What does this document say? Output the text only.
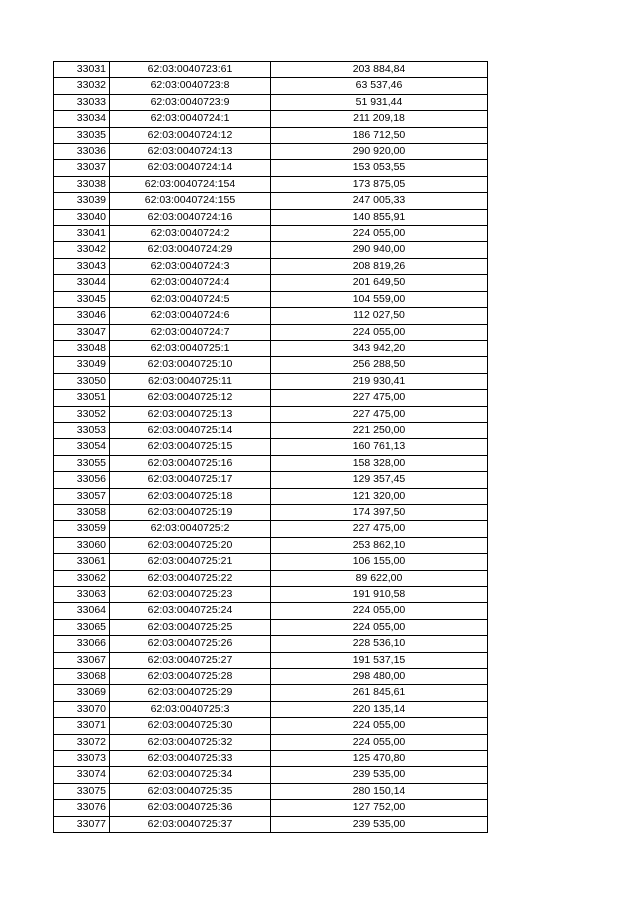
33031	62:03:0040723:61	203 884,84
33032	62:03:0040723:8	63 537,46
33033	62:03:0040723:9	51 931,44
33034	62:03:0040724:1	211 209,18
33035	62:03:0040724:12	186 712,50
33036	62:03:0040724:13	290 920,00
33037	62:03:0040724:14	153 053,55
33038	62:03:0040724:154	173 875,05
33039	62:03:0040724:155	247 005,33
33040	62:03:0040724:16	140 855,91
33041	62:03:0040724:2	224 055,00
33042	62:03:0040724:29	290 940,00
33043	62:03:0040724:3	208 819,26
33044	62:03:0040724:4	201 649,50
33045	62:03:0040724:5	104 559,00
33046	62:03:0040724:6	112 027,50
33047	62:03:0040724:7	224 055,00
33048	62:03:0040725:1	343 942,20
33049	62:03:0040725:10	256 288,50
33050	62:03:0040725:11	219 930,41
33051	62:03:0040725:12	227 475,00
33052	62:03:0040725:13	227 475,00
33053	62:03:0040725:14	221 250,00
33054	62:03:0040725:15	160 761,13
33055	62:03:0040725:16	158 328,00
33056	62:03:0040725:17	129 357,45
33057	62:03:0040725:18	121 320,00
33058	62:03:0040725:19	174 397,50
33059	62:03:0040725:2	227 475,00
33060	62:03:0040725:20	253 862,10
33061	62:03:0040725:21	106 155,00
33062	62:03:0040725:22	89 622,00
33063	62:03:0040725:23	191 910,58
33064	62:03:0040725:24	224 055,00
33065	62:03:0040725:25	224 055,00
33066	62:03:0040725:26	228 536,10
33067	62:03:0040725:27	191 537,15
33068	62:03:0040725:28	298 480,00
33069	62:03:0040725:29	261 845,61
33070	62:03:0040725:3	220 135,14
33071	62:03:0040725:30	224 055,00
33072	62:03:0040725:32	224 055,00
33073	62:03:0040725:33	125 470,80
33074	62:03:0040725:34	239 535,00
33075	62:03:0040725:35	280 150,14
33076	62:03:0040725:36	127 752,00
33077	62:03:0040725:37	239 535,00
